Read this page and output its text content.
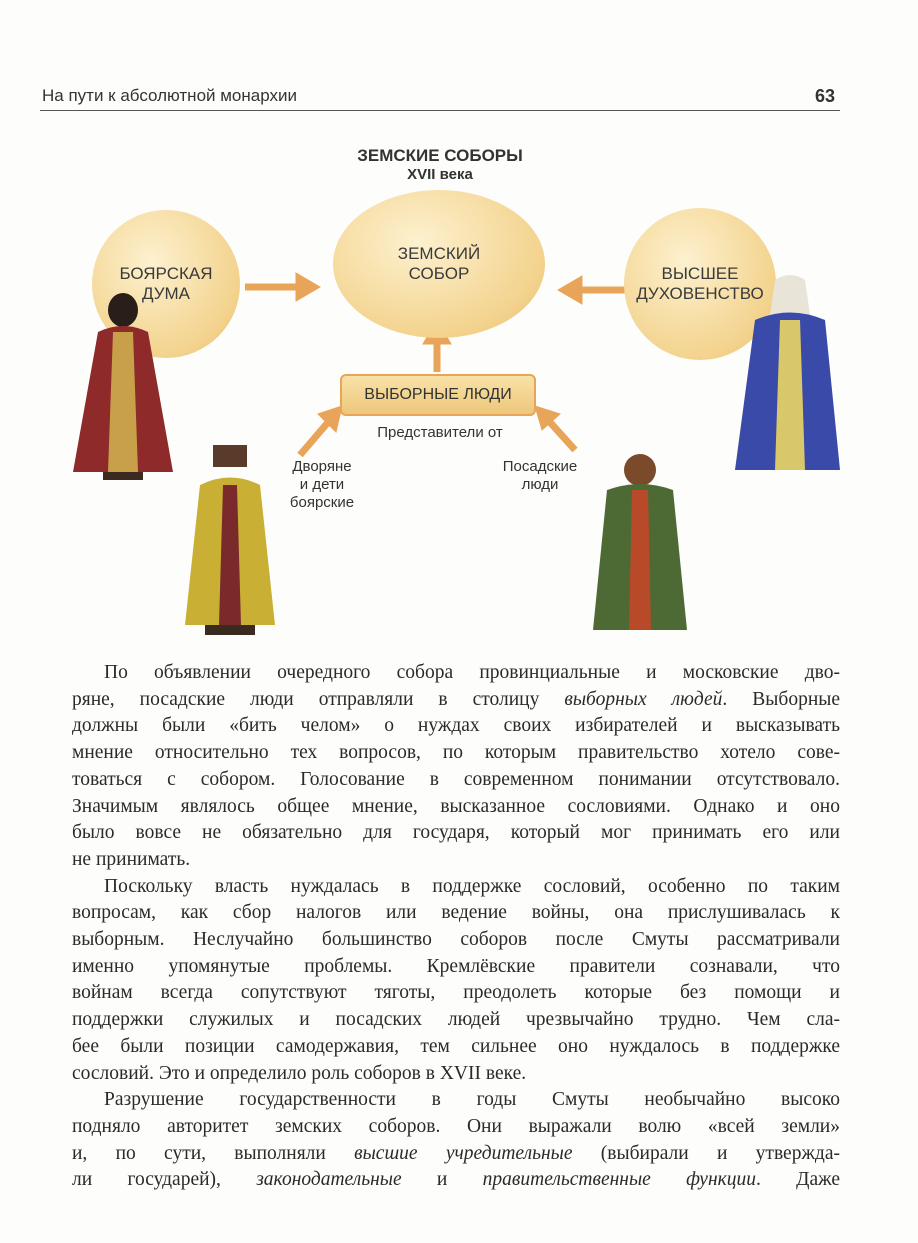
На пути к абсолютной монархии	63
ЗЕМСКИЕ СОБОРЫ
XVII века
БОЯРСКАЯ
ДУМА
ЗЕМСКИЙ
СОБОР	ВЫСШЕЕ
ДУХОВЕНСТВО
ВЫБОРНЫЕ ЛЮДИ
Представители от
Дворяне
и дети
боярские
Посадские
люди
По объявлении очередного собора провинциальные и московские дво-
ряне, посадские люди отправляли в столицу выборных людей. Выборные
должны были «бить челом» о нуждах своих избирателей и высказывать
мнение относительно тех вопросов, по которым правительство хотело сове-
товаться с собором. Голосование в современном понимании отсутствовало.
Значимым являлось общее мнение, высказанное сословиями. Однако и оно
было вовсе не обязательно для государя, который мог принимать его или
не принимать.
Поскольку власть нуждалась в поддержке сословий, особенно по таким
вопросам, как сбор налогов или ведение войны, она прислушивалась к
выборным. Неслучайно большинство соборов после Смуты рассматривали
именно упомянутые проблемы. Кремлёвские правители сознавали, что
войнам всегда сопутствуют тяготы, преодолеть которые без помощи и
поддержки служилых и посадских людей чрезвычайно трудно. Чем сла-
бее были позиции самодержавия, тем сильнее оно нуждалось в поддержке
сословий. Это и определило роль соборов в XVII веке.
Разрушение государственности в годы Смуты необычайно высоко
подняло авторитет земских соборов. Они выражали волю «всей земли»
и, по сути, выполняли высшие учредительные (выбирали и утвержда-
ли государей), законодательные и правительственные функции. Даже
